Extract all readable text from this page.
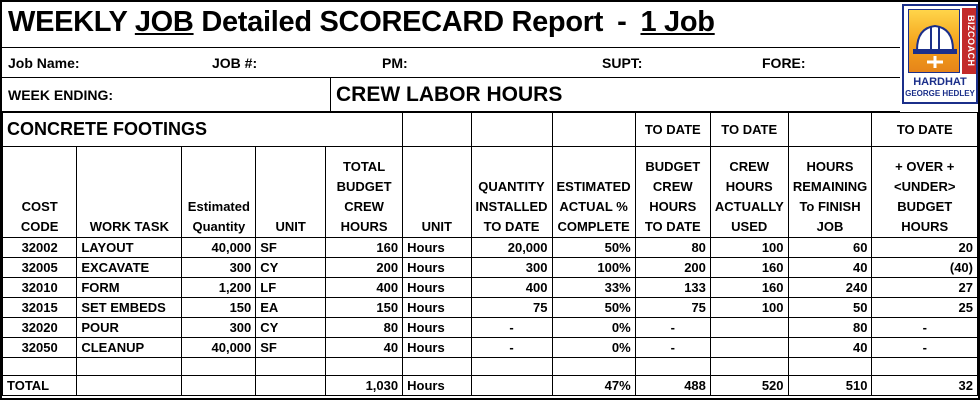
WEEKLY JOB Detailed SCORECARD Report - 1 Job	BIZCOACH
HARDHAT
GEORGE HEDLEY
Job Name:	JOB #:	PM:	SUPT:	FORE:
WEEK ENDING:	CREW LABOR HOURS
CONCRETE FOOTINGS								TO DATE	TO DATE		TO DATE
COST CODE	WORK TASK	Estimated Quantity	UNIT	TOTAL BUDGET CREW HOURS	UNIT	QUANTITY INSTALLED TO DATE	ESTIMATED ACTUAL % COMPLETE	BUDGET CREW HOURS TO DATE	CREW HOURS ACTUALLY USED	HOURS REMAINING To FINISH JOB	+ OVER + <UNDER> BUDGET HOURS
32002	LAYOUT	40,000	SF	160	Hours	20,000	50%	80	100	60	20
32005	EXCAVATE	300	CY	200	Hours	300	100%	200	160	40	(40)
32010	FORM	1,200	LF	400	Hours	400	33%	133	160	240	27
32015	SET EMBEDS	150	EA	150	Hours	75	50%	75	100	50	25
32020	POUR	300	CY	80	Hours	-	0%	-		80	-
32050	CLEANUP	40,000	SF	40	Hours	-	0%	-		40	-

TOTAL				1,030	Hours		47%	488	520	510	32
